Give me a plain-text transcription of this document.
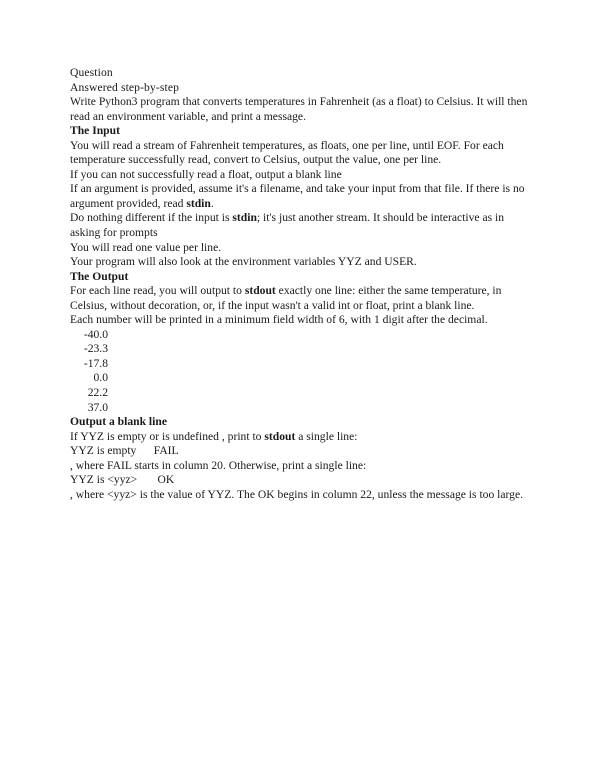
Question
Answered step-by-step

Write Python3 program that converts temperatures in Fahrenheit (as a float) to Celsius. It will then read an environment variable, and print a message.

The Input

You will read a stream of Fahrenheit temperatures, as floats, one per line, until EOF. For each temperature successfully read, convert to Celsius, output the value, one per line.

If you can not successfully read a float, output a blank line

If an argument is provided, assume it's a filename, and take your input from that file. If there is no argument provided, read stdin.

Do nothing different if the input is stdin; it's just another stream. It should be interactive as in asking for prompts

You will read one value per line.

Your program will also look at the environment variables YYZ and USER.

The Output

For each line read, you will output to stdout exactly one line: either the same temperature, in Celsius, without decoration, or, if the input wasn't a valid int or float, print a blank line.

Each number will be printed in a minimum field width of 6, with 1 digit after the decimal.

-40.0
-23.3
-17.8
0.0
22.2
37.0
Output a blank line

If YYZ is empty or is undefined , print to stdout a single line:

YYZ is empty      FAIL

, where FAIL starts in column 20. Otherwise, print a single line:

YYZ is <yyz>       OK

, where <yyz> is the value of YYZ. The OK begins in column 22, unless the message is too large.
